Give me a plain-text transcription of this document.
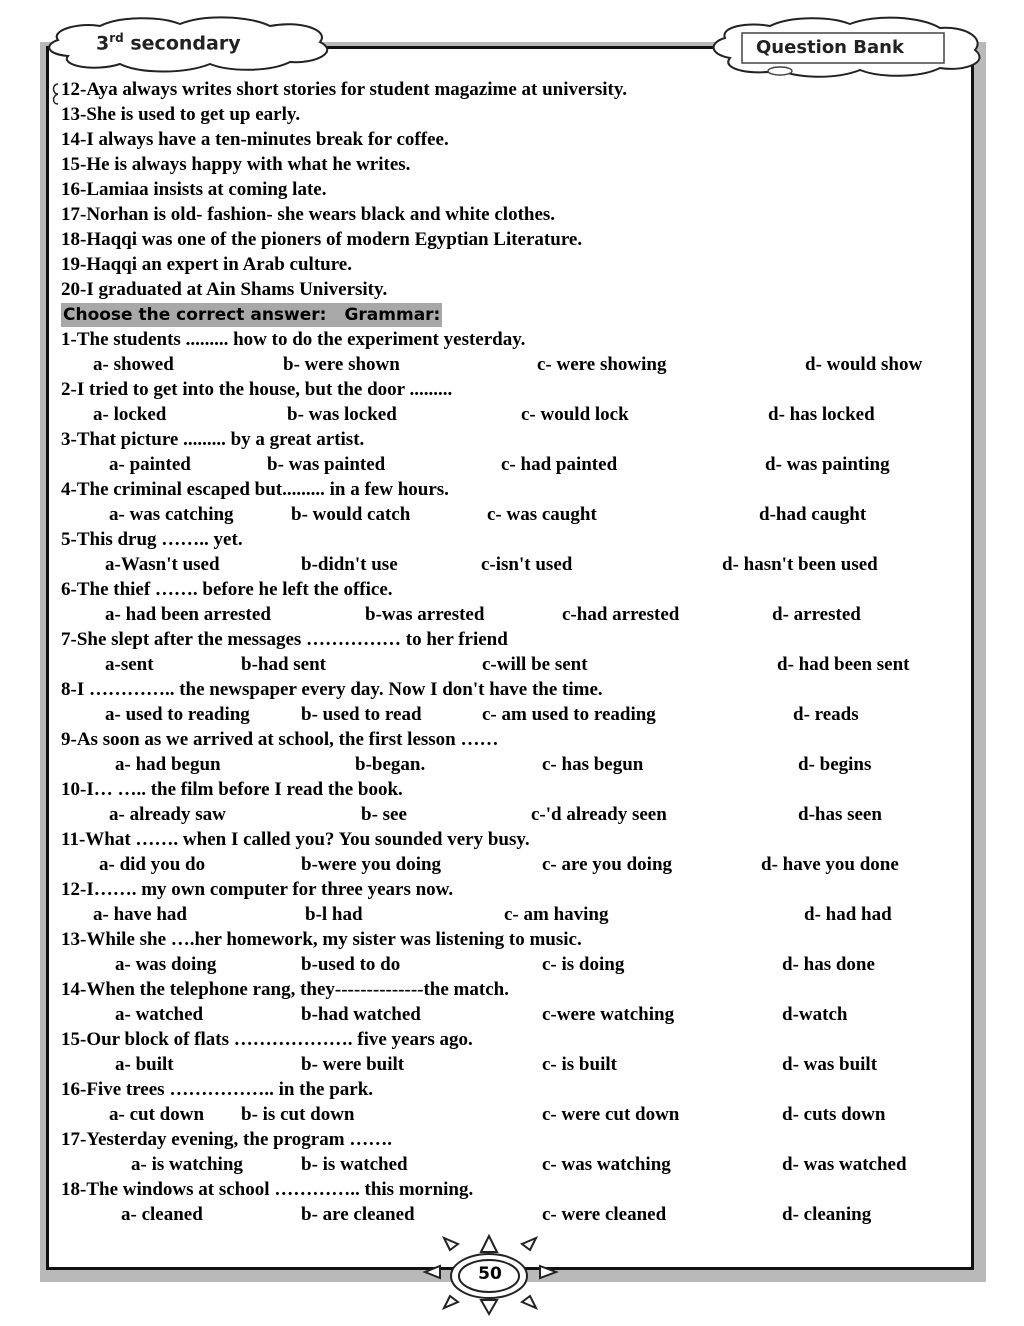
3rd secondary	Question Bank
12-Aya always writes short stories for student magazime at university.
13-She is used to get up early.
14-I always have a ten-minutes break for coffee.
15-He is always happy with what he writes.
16-Lamiaa insists at coming late.
17-Norhan is old- fashion- she wears black and white clothes.
18-Haqqi was one of the pioners of modern Egyptian Literature.
19-Haqqi an expert in Arab culture.
20-I graduated at Ain Shams University.
Choose the correct answer: Grammar:
1-The students ......... how to do the experiment yesterday.
a- showed	b- were shown	c- were showing	d- would show
2-I tried to get into the house, but the door .........
a- locked	b- was locked	c- would lock	d- has locked
3-That picture ......... by a great artist.
a- painted	b- was painted	c- had painted	d- was painting
4-The criminal escaped but......... in a few hours.
a- was catching	b- would catch	c- was caught	d-had caught
5-This drug …….. yet.
a-Wasn't used	b-didn't use	c-isn't used	d- hasn't been used
6-The thief ……. before he left the office.
a- had been arrested	b-was arrested	c-had arrested	d- arrested
7-She slept after the messages …………… to her friend
a-sent	b-had sent	c-will be sent	d- had been sent
8-I ………….. the newspaper every day. Now I don't have the time.
a- used to reading	b- used to read	c- am used to reading	d- reads
9-As soon as we arrived at school, the first lesson ……
a- had begun	b-began.	c- has begun	d- begins
10-I… ….. the film before I read the book.
a- already saw	b- see	c-'d already seen	d-has seen
11-What ……. when I called you? You sounded very busy.
a- did you do	b-were you doing	c- are you doing	d- have you done
12-I……. my own computer for three years now.
a- have had	b-l had	c- am having	d- had had
13-While she ….her homework, my sister was listening to music.
a- was doing	b-used to do	c- is doing	d- has done
14-When the telephone rang, they--------------the match.
a- watched	b-had watched	c-were watching	d-watch
15-Our block of flats ………………. five years ago.
a- built	b- were built	c- is built	d- was built
16-Five trees …………….. in the park.
a- cut down b- is cut down	c- were cut down	d- cuts down
17-Yesterday evening, the program …….
a- is watching	b- is watched	c- was watching	d- was watched
18-The windows at school ………….. this morning.
a- cleaned	b- are cleaned	c- were cleaned	d- cleaning
50
